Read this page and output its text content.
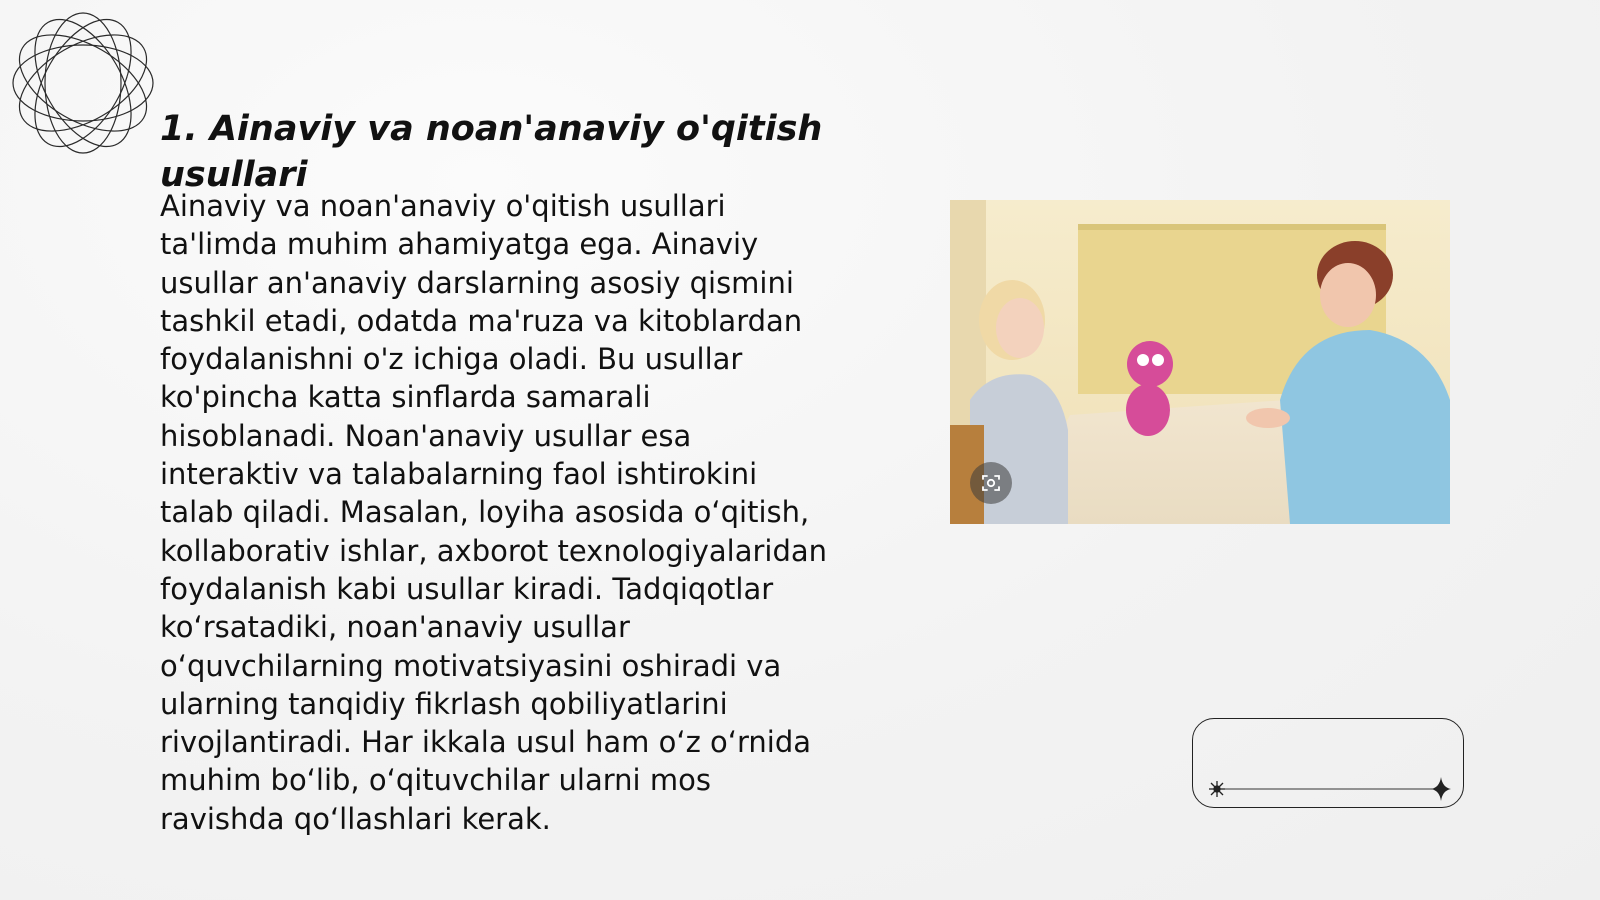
1. Ainaviy va noan'anaviy o'qitish usullari

Ainaviy va noan'anaviy o'qitish usullari ta'limda muhim ahamiyatga ega. Ainaviy usullar an'anaviy darslarning asosiy qismini tashkil etadi, odatda ma'ruza va kitoblardan foydalanishni o'z ichiga oladi. Bu usullar ko'pincha katta sinflarda samarali hisoblanadi. Noan'anaviy usullar esa interaktiv va talabalarning faol ishtirokini talab qiladi. Masalan, loyiha asosida o‘qitish, kollaborativ ishlar, axborot texnologiyalaridan foydalanish kabi usullar kiradi. Tadqiqotlar ko‘rsatadiki, noan'anaviy usullar o‘quvchilarning motivatsiyasini oshiradi va ularning tanqidiy fikrlash qobiliyatlarini rivojlantiradi. Har ikkala usul ham o‘z o‘rnida muhim bo‘lib, o‘qituvchilar ularni mos ravishda qo‘llashlari kerak.
